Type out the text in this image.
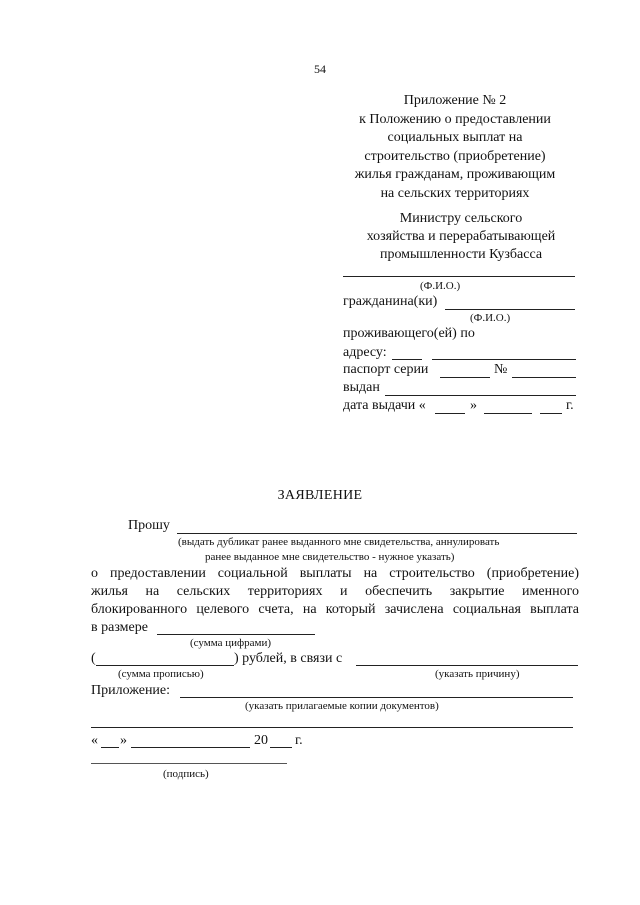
54
Приложение № 2
к Положению о предоставлении
социальных выплат на
строительство (приобретение)
жилья гражданам, проживающим
на сельских территориях
Министру сельского
хозяйства и перерабатывающей
промышленности Кузбасса
(Ф.И.О.)
гражданина(ки)
(Ф.И.О.)
проживающего(ей) по
адресу:
паспорт серии	№
выдан
дата выдачи «	»	г.
ЗАЯВЛЕНИЕ
Прошу
(выдать дубликат ранее выданного мне свидетельства, аннулировать
ранее выданное мне свидетельство - нужное указать)
о предоставлении социальной выплаты на строительство (приобретение)
жилья на сельских территориях и обеспечить закрытие именного
блокированного целевого счета, на который зачислена социальная выплата
в размере
(сумма цифрами)
(	) рублей, в связи с
(сумма прописью)	(указать причину)
Приложение:
(указать прилагаемые копии документов)
« »	20 г.
(подпись)
